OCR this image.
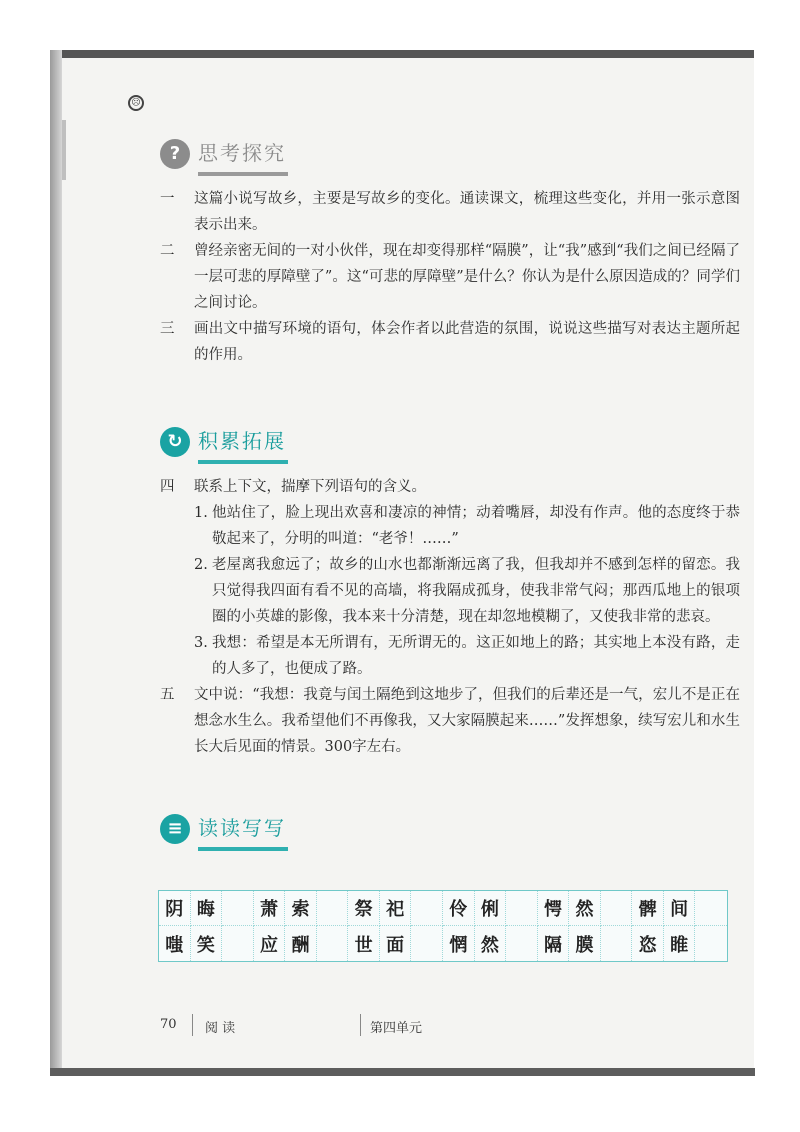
☹
? 思考探究
一	这篇小说写故乡，主要是写故乡的变化。通读课文，梳理这些变化，并用一张示意图表示出来。
二	曾经亲密无间的一对小伙伴，现在却变得那样“隔膜”，让“我”感到“我们之间已经隔了一层可悲的厚障壁了”。这“可悲的厚障壁”是什么？你认为是什么原因造成的？同学们之间讨论。
三	画出文中描写环境的语句，体会作者以此营造的氛围，说说这些描写对表达主题所起的作用。
↻ 积累拓展
四	联系上下文，揣摩下列语句的含义。
1. 他站住了，脸上现出欢喜和凄凉的神情；动着嘴唇，却没有作声。他的态度终于恭敬起来了，分明的叫道：“老爷！……”
2. 老屋离我愈远了；故乡的山水也都渐渐远离了我，但我却并不感到怎样的留恋。我只觉得我四面有看不见的高墙，将我隔成孤身，使我非常气闷；那西瓜地上的银项圈的小英雄的影像，我本来十分清楚，现在却忽地模糊了，又使我非常的悲哀。
3. 我想：希望是本无所谓有，无所谓无的。这正如地上的路；其实地上本没有路，走的人多了，也便成了路。
五	文中说：“我想：我竟与闰土隔绝到这地步了，但我们的后辈还是一气，宏儿不是正在想念水生么。我希望他们不再像我，又大家隔膜起来……”发挥想象，续写宏儿和水生长大后见面的情景。300字左右。
≡ 读读写写
阴 晦	萧 索	祭 祀	伶 俐	愕 然	髀 间
嗤 笑	应 酬	世 面	惘 然	隔 膜	恣 睢
70 阅 读	第四单元
